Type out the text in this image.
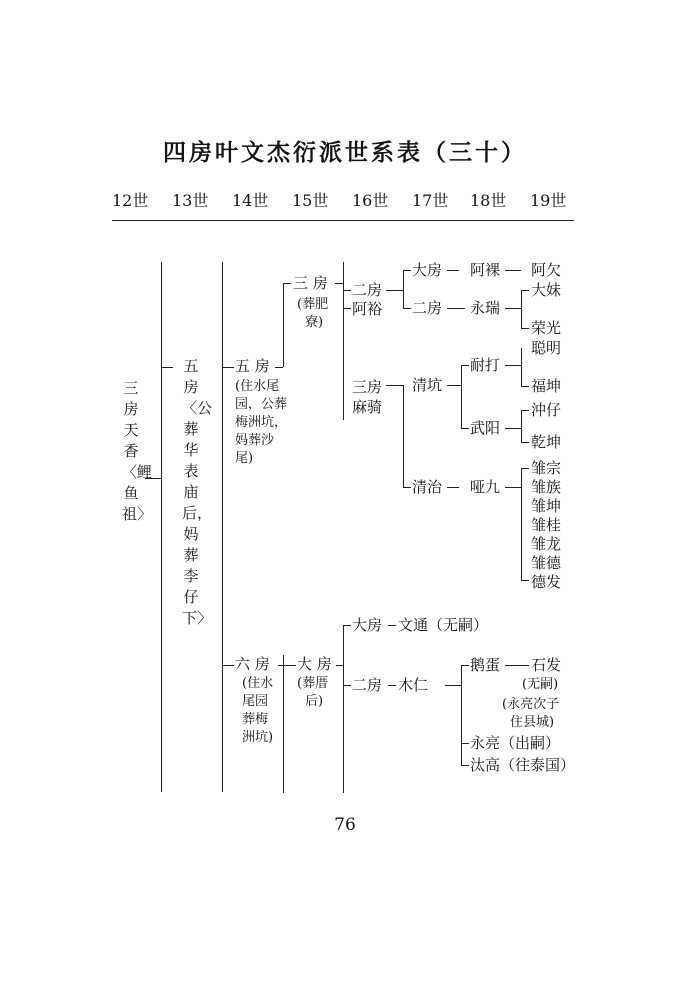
四房叶文杰衍派世系表（三十）
12世 13世 14世 15世 16世 17世 18世 19世
三房天香〈鲤鱼祖〉
五房〈公葬华表庙后，妈葬李仔下〉
五 房
(住水尾
园，公葬
梅洲坑，
妈葬沙
尾)
六 房
(住水
尾园
葬梅
洲坑)
三 房
(葬肥
寮)
大 房
(葬厝
后)
二房
阿裕
三房
麻骑
大房
二房
大房
二房
清坑
清治
文通（无嗣）
木仁
阿裸
永瑞
耐打
武阳
哑九
鹅蛋
永亮（出嗣）
汰高（往泰国）
阿欠
大妹
荣光
聪明
福坤
沖仔
乾坤
雏宗
雏族
雏坤
雏桂
雏龙
雏德
德发
石发
(无嗣)
(永亮次子
住县城)
76
